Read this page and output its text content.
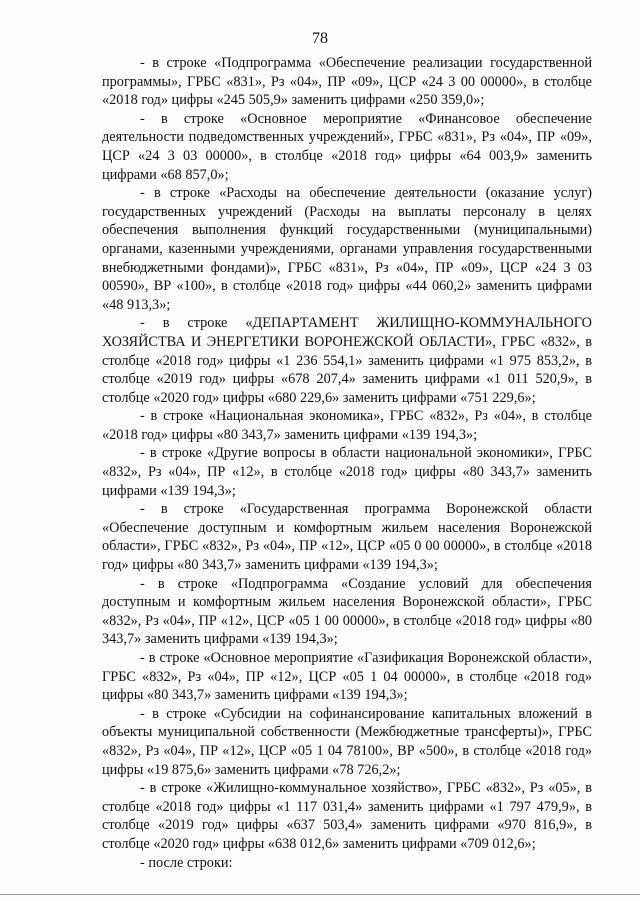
78

- в строке «Подпрограмма «Обеспечение реализации государственной программы», ГРБС «831», Рз «04», ПР «09», ЦСР «24 3 00 00000», в столбце «2018 год» цифры «245 505,9» заменить цифрами «250 359,0»;

- в строке «Основное мероприятие «Финансовое обеспечение деятельности подведомственных учреждений», ГРБС «831», Рз «04», ПР «09», ЦСР «24 3 03 00000», в столбце «2018 год» цифры «64 003,9» заменить цифрами «68 857,0»;

- в строке «Расходы на обеспечение деятельности (оказание услуг) государственных учреждений (Расходы на выплаты персоналу в целях обеспечения выполнения функций государственными (муниципальными) органами, казенными учреждениями, органами управления государственными внебюджетными фондами)», ГРБС «831», Рз «04», ПР «09», ЦСР «24 3 03 00590», ВР «100», в столбце «2018 год» цифры «44 060,2» заменить цифрами «48 913,3»;

- в строке «ДЕПАРТАМЕНТ ЖИЛИЩНО-КОММУНАЛЬНОГО ХОЗЯЙСТВА И ЭНЕРГЕТИКИ ВОРОНЕЖСКОЙ ОБЛАСТИ», ГРБС «832», в столбце «2018 год» цифры «1 236 554,1» заменить цифрами «1 975 853,2», в столбце «2019 год» цифры «678 207,4» заменить цифрами «1 011 520,9», в столбце «2020 год» цифры «680 229,6» заменить цифрами «751 229,6»;

- в строке «Национальная экономика», ГРБС «832», Рз «04», в столбце «2018 год» цифры «80 343,7» заменить цифрами «139 194,3»;

- в строке «Другие вопросы в области национальной экономики», ГРБС «832», Рз «04», ПР «12», в столбце «2018 год» цифры «80 343,7» заменить цифрами «139 194,3»;

- в строке «Государственная программа Воронежской области «Обеспечение доступным и комфортным жильем населения Воронежской области», ГРБС «832», Рз «04», ПР «12», ЦСР «05 0 00 00000», в столбце «2018 год» цифры «80 343,7» заменить цифрами «139 194,3»;

- в строке «Подпрограмма «Создание условий для обеспечения доступным и комфортным жильем населения Воронежской области», ГРБС «832», Рз «04», ПР «12», ЦСР «05 1 00 00000», в столбце «2018 год» цифры «80 343,7» заменить цифрами «139 194,3»;

- в строке «Основное мероприятие «Газификация Воронежской области», ГРБС «832», Рз «04», ПР «12», ЦСР «05 1 04 00000», в столбце «2018 год» цифры «80 343,7» заменить цифрами «139 194,3»;

- в строке «Субсидии на софинансирование капитальных вложений в объекты муниципальной собственности (Межбюджетные трансферты)», ГРБС «832», Рз «04», ПР «12», ЦСР «05 1 04 78100», ВР «500», в столбце «2018 год» цифры «19 875,6» заменить цифрами «78 726,2»;

- в строке «Жилищно-коммунальное хозяйство», ГРБС «832», Рз «05», в столбце «2018 год» цифры «1 117 031,4» заменить цифрами «1 797 479,9», в столбце «2019 год» цифры «637 503,4» заменить цифрами «970 816,9», в столбце «2020 год» цифры «638 012,6» заменить цифрами «709 012,6»;

- после строки:
